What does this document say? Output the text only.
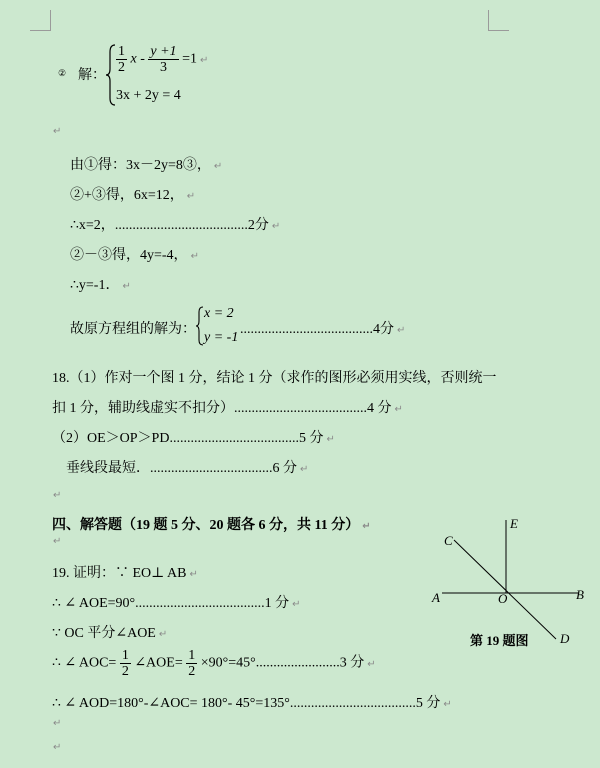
② 解：
$\frac{1}{2}$ $x - \frac{y +1}{3} =1$ ↵
3x + 2y = 4
↵
由①得：3x－2y=8③， ↵
②+③得，6x=12， ↵
∴x=2，......................................2分 ↵
②－③得，4y=-4， ↵
∴y=-1． ↵
故原方程组的解为：
x = 2
y = -1
......................................4分 ↵
18.（1）作对一个图 1 分，结论 1 分（求作的图形必须用实线，否则统一
扣 1 分，辅助线虚实不扣分）......................................4 分 ↵
（2）OE＞OP＞PD.....................................5 分 ↵
垂线段最短．...................................6 分 ↵
↵
四、解答题（19 题 5 分、20 题各 6 分，共 11 分） ↵
↵
19. 证明：∵ EO⊥ AB ↵
∴ ∠ AOE=90°.....................................1 分 ↵
∵ OC 平分∠AOE ↵
∴ ∠ $AOC= \frac{1}{2}$ ∠AOE= $\frac{1}{2} \times 90^\circ=45^\circ........................3$ 分 ↵
∴ ∠ AOD=180°-∠AOC= 180°- 45°=135°....................................5 分 ↵
↵
↵
C
E
A	O	B
D
第 19 题图
